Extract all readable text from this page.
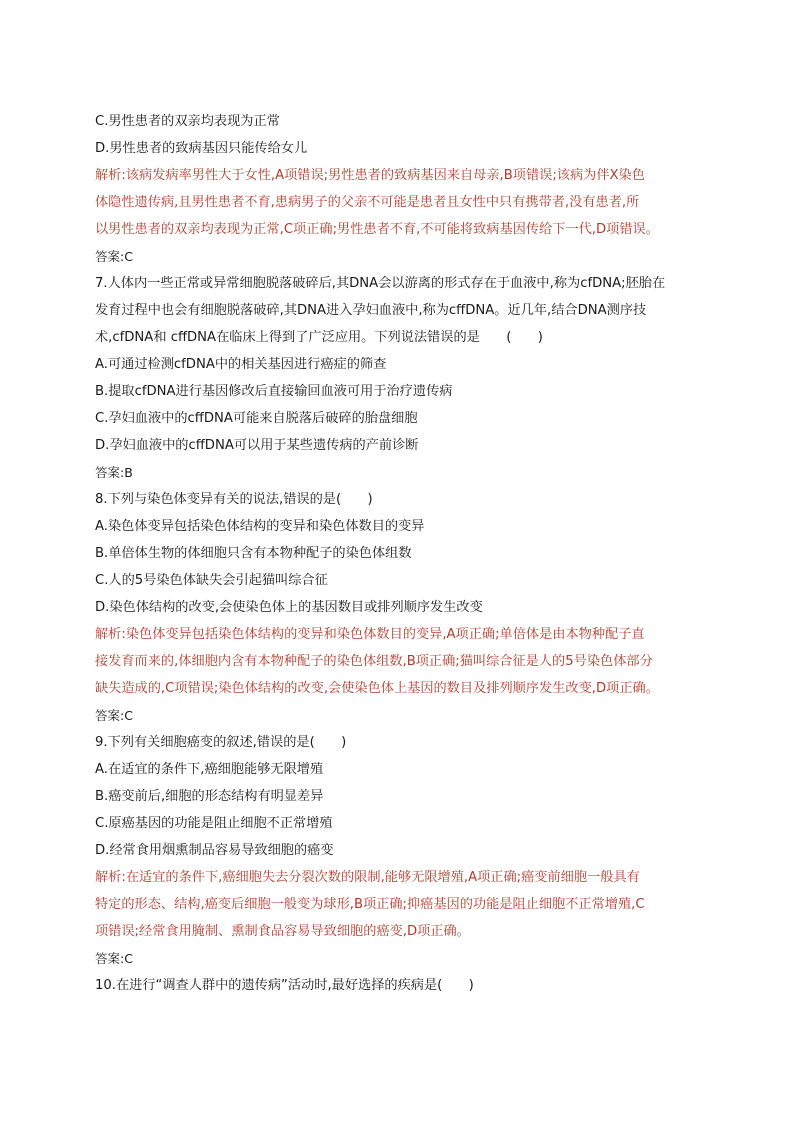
C.男性患者的双亲均表现为正常
D.男性患者的致病基因只能传给女儿
解析:该病发病率男性大于女性,A项错误;男性患者的致病基因来自母亲,B项错误;该病为伴X染色
体隐性遗传病,且男性患者不育,患病男子的父亲不可能是患者且女性中只有携带者,没有患者,所
以男性患者的双亲均表现为正常,C项正确;男性患者不育,不可能将致病基因传给下一代,D项错误。
答案:C
7.人体内一些正常或异常细胞脱落破碎后,其DNA会以游离的形式存在于血液中,称为cfDNA;胚胎在
发育过程中也会有细胞脱落破碎,其DNA进入孕妇血液中,称为cffDNA。近几年,结合DNA测序技
术,cfDNA和 cffDNA在临床上得到了广泛应用。下列说法错误的是　　(　　)
A.可通过检测cfDNA中的相关基因进行癌症的筛查
B.提取cfDNA进行基因修改后直接输回血液可用于治疗遗传病
C.孕妇血液中的cffDNA可能来自脱落后破碎的胎盘细胞
D.孕妇血液中的cffDNA可以用于某些遗传病的产前诊断
答案:B
8.下列与染色体变异有关的说法,错误的是(　　)
A.染色体变异包括染色体结构的变异和染色体数目的变异
B.单倍体生物的体细胞只含有本物种配子的染色体组数
C.人的5号染色体缺失会引起猫叫综合征
D.染色体结构的改变,会使染色体上的基因数目或排列顺序发生改变
解析:染色体变异包括染色体结构的变异和染色体数目的变异,A项正确;单倍体是由本物种配子直
接发育而来的,体细胞内含有本物种配子的染色体组数,B项正确;猫叫综合征是人的5号染色体部分
缺失造成的,C项错误;染色体结构的改变,会使染色体上基因的数目及排列顺序发生改变,D项正确。
答案:C
9.下列有关细胞癌变的叙述,错误的是(　　)
A.在适宜的条件下,癌细胞能够无限增殖
B.癌变前后,细胞的形态结构有明显差异
C.原癌基因的功能是阻止细胞不正常增殖
D.经常食用烟熏制品容易导致细胞的癌变
解析:在适宜的条件下,癌细胞失去分裂次数的限制,能够无限增殖,A项正确;癌变前细胞一般具有
特定的形态、结构,癌变后细胞一般变为球形,B项正确;抑癌基因的功能是阻止细胞不正常增殖,C
项错误;经常食用腌制、熏制食品容易导致细胞的癌变,D项正确。
答案:C
10.在进行“调查人群中的遗传病”活动时,最好选择的疾病是(　　)
